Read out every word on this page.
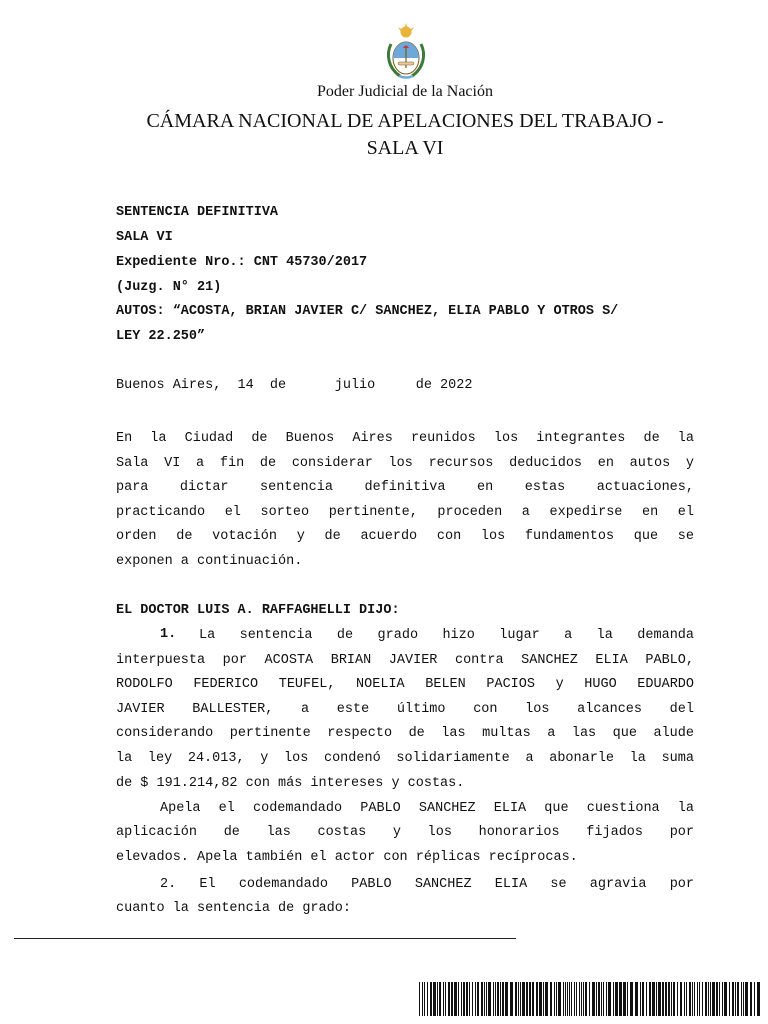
Poder Judicial de la Nación
CÁMARA NACIONAL DE APELACIONES DEL TRABAJO -
SALA VI
SENTENCIA DEFINITIVA
SALA VI
Expediente Nro.: CNT 45730/2017
(Juzg. N° 21)
AUTOS: “ACOSTA, BRIAN JAVIER C/ SANCHEZ, ELIA PABLO Y OTROS S/
LEY 22.250”
Buenos Aires,  14  de      julio     de 2022
En la Ciudad de Buenos Aires reunidos los integrantes de la
Sala VI a fin de considerar los recursos deducidos en autos y
para dictar sentencia definitiva en estas actuaciones,
practicando el sorteo pertinente, proceden a expedirse en el
orden de votación y de acuerdo con los fundamentos que se
exponen a continuación.
EL DOCTOR LUIS A. RAFFAGHELLI DIJO:
1. La sentencia de grado hizo lugar a la demanda
interpuesta por ACOSTA BRIAN JAVIER contra SANCHEZ ELIA PABLO,
RODOLFO FEDERICO TEUFEL, NOELIA BELEN PACIOS y HUGO EDUARDO
JAVIER BALLESTER, a este último con los alcances del
considerando pertinente respecto de las multas a las que alude
la ley 24.013, y los condenó solidariamente a abonarle la suma
de $ 191.214,82 con más intereses y costas.
Apela el codemandado PABLO SANCHEZ ELIA que cuestiona la
aplicación de las costas y los honorarios fijados por
elevados. Apela también el actor con réplicas recíprocas.
2. El codemandado PABLO SANCHEZ ELIA se agravia por
cuanto la sentencia de grado:
